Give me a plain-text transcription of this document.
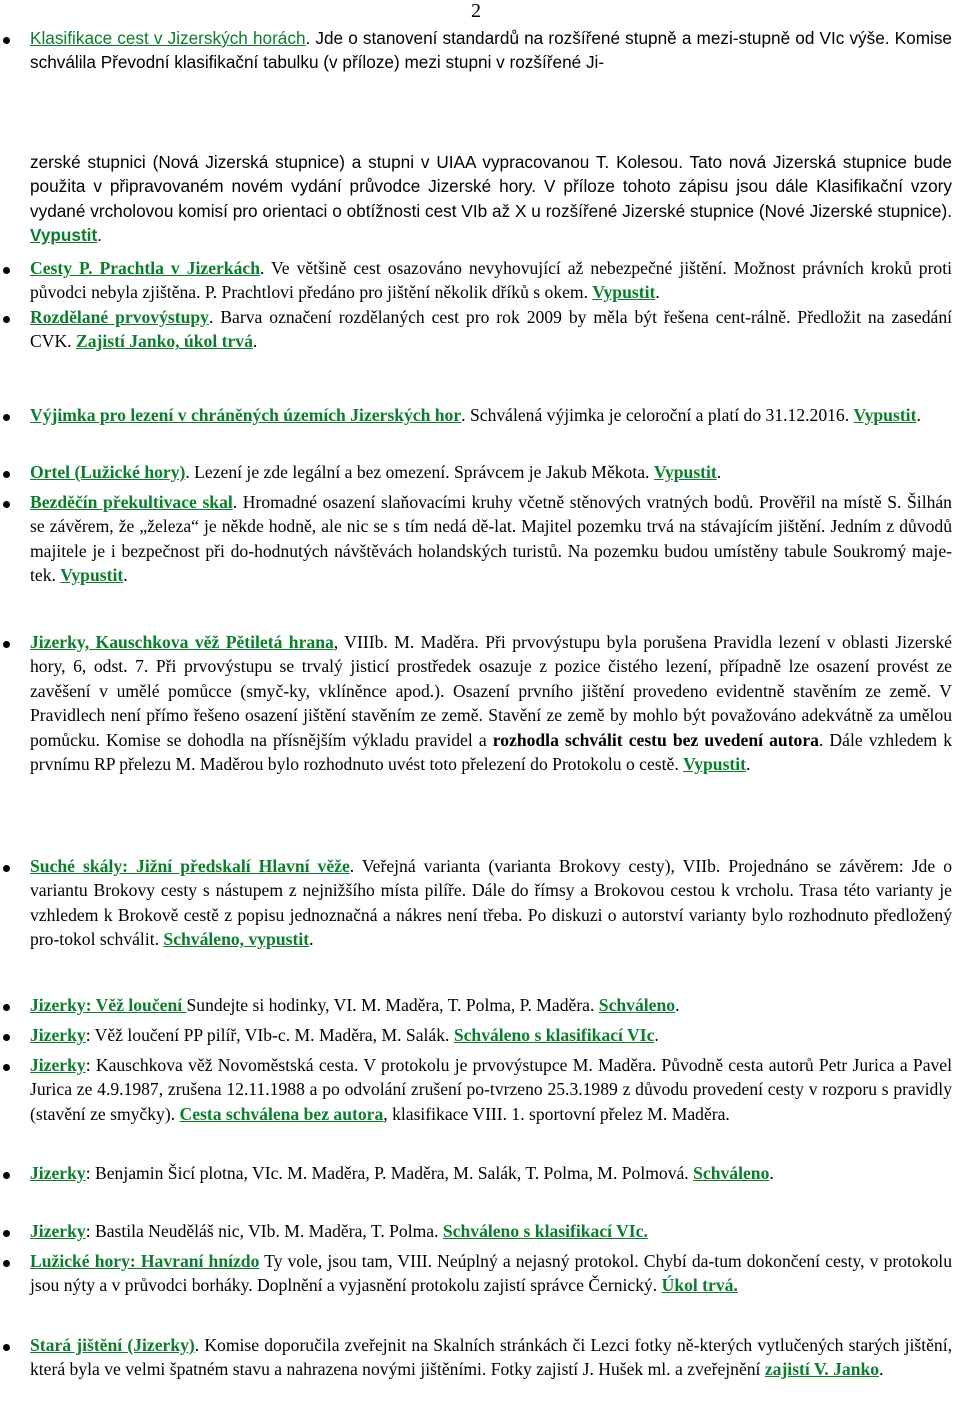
2
Klasifikace cest v Jizerských horách. Jde o stanovení standardů na rozšířené stupně a mezi-stupně od VIc výše. Komise schválila Převodní klasifikační tabulku (v příloze) mezi stupni v rozšířené Ji-
zerské stupnici (Nová Jizerská stupnice) a stupni v UIAA vypracovanou T. Kolesou. Tato nová Jizerská stupnice bude použita v připravovaném novém vydání průvodce Jizerské hory. V příloze tohoto zápisu jsou dále Klasifikační vzory vydané vrcholovou komisí pro orientaci o obtížnosti cest VIb až X u rozšířené Jizerské stupnice (Nové Jizerské stupnice). Vypustit.
Cesty P. Prachtla v Jizerkách. Ve většině cest osazováno nevyhovující až nebezpečné jištění. Možnost právních kroků proti původci nebyla zjištěna. P. Prachtlovi předáno pro jištění několik dříků s okem. Vypustit.
Rozdělané prvovýstupy. Barva označení rozdělaných cest pro rok 2009 by měla být řešena cent-rálně. Předložit na zasedání CVK. Zajistí Janko, úkol trvá.
Výjimka pro lezení v chráněných územích Jizerských hor. Schválená výjimka je celoroční a platí do 31.12.2016. Vypustit.
Ortel (Lužické hory). Lezení je zde legální a bez omezení. Správcem je Jakub Měkota. Vypustit.
Bezděčín překultivace skal. Hromadné osazení slaňovacími kruhy včetně stěnových vratných bodů. Prověřil na místě S. Šilhán se závěrem, že „železa“ je někde hodně, ale nic se s tím nedá dě-lat. Majitel pozemku trvá na stávajícím jištění. Jedním z důvodů majitele je i bezpečnost při do-hodnutých návštěvách holandských turistů. Na pozemku budou umístěny tabule Soukromý maje-tek. Vypustit.
Jizerky, Kauschkova věž Pětiletá hrana, VIIIb. M. Maděra. Při prvovýstupu byla porušena Pravidla lezení v oblasti Jizerské hory, 6, odst. 7. Při prvovýstupu se trvalý jisticí prostředek osazuje z pozice čistého lezení, případně lze osazení provést ze zavěšení v umělé pomůcce (smyč-ky, vklíněnce apod.). Osazení prvního jištění provedeno evidentně stavěním ze země. V Pravidlech není přímo řešeno osazení jištění stavěním ze země. Stavění ze země by mohlo být považováno adekvátně za umělou pomůcku. Komise se dohodla na přísnějším výkladu pravidel a rozhodla schválit cestu bez uvedení autora. Dále vzhledem k prvnímu RP přelezu M. Maděrou bylo rozhodnuto uvést toto přelezení do Protokolu o cestě. Vypustit.
Suché skály: Jižní předskalí Hlavní věže. Veřejná varianta (varianta Brokovy cesty), VIIb. Projednáno se závěrem: Jde o variantu Brokovy cesty s nástupem z nejnižšího místa pilíře. Dále do římsy a Brokovou cestou k vrcholu. Trasa této varianty je vzhledem k Brokově cestě z popisu jednoznačná a nákres není třeba. Po diskuzi o autorství varianty bylo rozhodnuto předložený pro-tokol schválit. Schváleno, vypustit.
Jizerky: Věž loučení Sundejte si hodinky, VI. M. Maděra, T. Polma, P. Maděra. Schváleno.
Jizerky: Věž loučení PP pilíř, VIb-c. M. Maděra, M. Salák. Schváleno s klasifikací VIc.
Jizerky: Kauschkova věž Novoměstská cesta. V protokolu je prvovýstupce M. Maděra. Původně cesta autorů Petr Jurica a Pavel Jurica ze 4.9.1987, zrušena 12.11.1988 a po odvolání zrušení po-tvrzeno 25.3.1989 z důvodu provedení cesty v rozporu s pravidly (stavění ze smyčky). Cesta schválena bez autora, klasifikace VIII. 1. sportovní přelez M. Maděra.
Jizerky: Benjamin Šicí plotna, VIc. M. Maděra, P. Maděra, M. Salák, T. Polma, M. Polmová. Schváleno.
Jizerky: Bastila Neuděláš nic, VIb. M. Maděra, T. Polma. Schváleno s klasifikací VIc.
Lužické hory: Havraní hnízdo Ty vole, jsou tam, VIII. Neúplný a nejasný protokol. Chybí da-tum dokončení cesty, v protokolu jsou nýty a v průvodci borháky. Doplnění a vyjasnění protokolu zajistí správce Černický. Úkol trvá.
Stará jištění (Jizerky). Komise doporučila zveřejnit na Skalních stránkách či Lezci fotky ně-kterých vytlučených starých jištění, která byla ve velmi špatném stavu a nahrazena novými jištěními. Fotky zajistí J. Hušek ml. a zveřejnění zajistí V. Janko.
